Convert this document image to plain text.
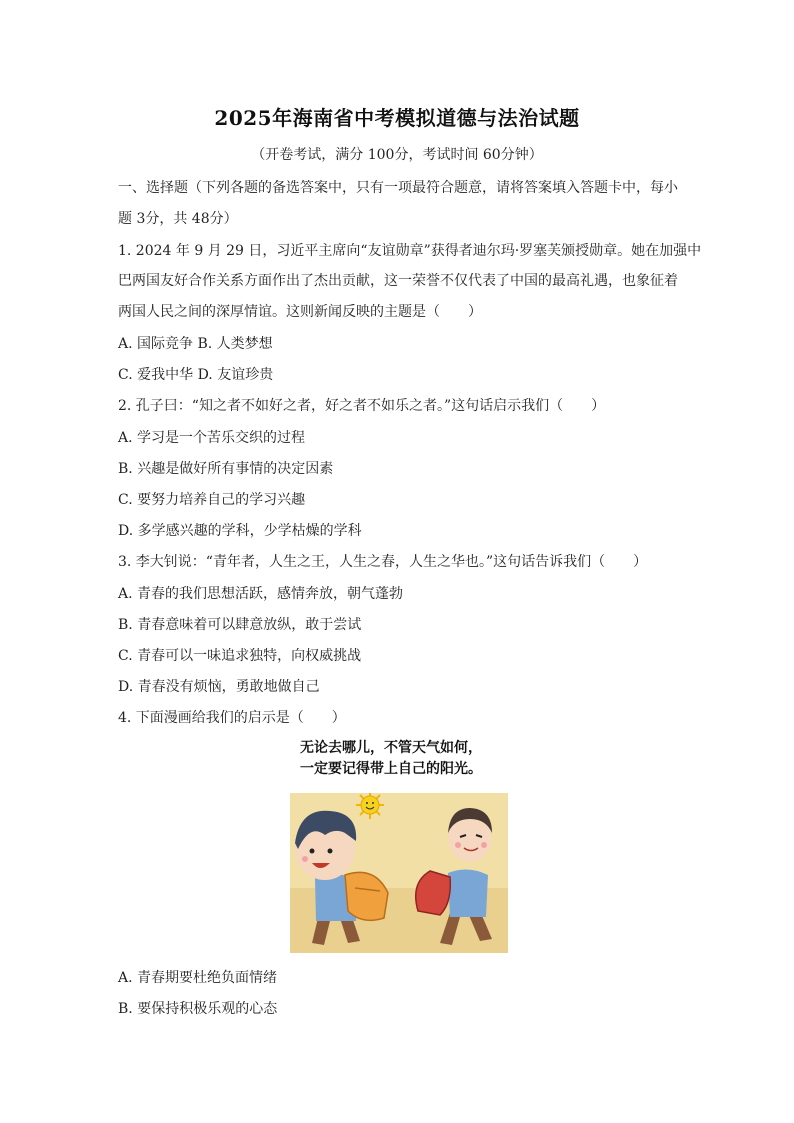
2025年海南省中考模拟道德与法治试题
（开卷考试，满分 100分，考试时间 60分钟）
一、选择题（下列各题的备选答案中，只有一项最符合题意，请将答案填入答题卡中，每小
题 3分，共 48分）
1. 2024 年 9 月 29 日，习近平主席向“友谊勋章”获得者迪尔玛·罗塞芙颁授勋章。她在加强中
巴两国友好合作关系方面作出了杰出贡献，这一荣誉不仅代表了中国的最高礼遇，也象征着
两国人民之间的深厚情谊。这则新闻反映的主题是（　　）
A. 国际竞争 B. 人类梦想
C. 爱我中华 D. 友谊珍贵
2. 孔子曰：“知之者不如好之者，好之者不如乐之者。”这句话启示我们（　　）
A. 学习是一个苦乐交织的过程
B. 兴趣是做好所有事情的决定因素
C. 要努力培养自己的学习兴趣
D. 多学感兴趣的学科，少学枯燥的学科
3. 李大钊说：“青年者，人生之王，人生之春，人生之华也。”这句话告诉我们（　　）
A. 青春的我们思想活跃，感情奔放，朝气蓬勃
B. 青春意味着可以肆意放纵，敢于尝试
C. 青春可以一味追求独特，向权威挑战
D. 青春没有烦恼，勇敢地做自己
4. 下面漫画给我们的启示是（　　）
无论去哪儿，不管天气如何，
一定要记得带上自己的阳光。
A. 青春期要杜绝负面情绪
B. 要保持积极乐观的心态
